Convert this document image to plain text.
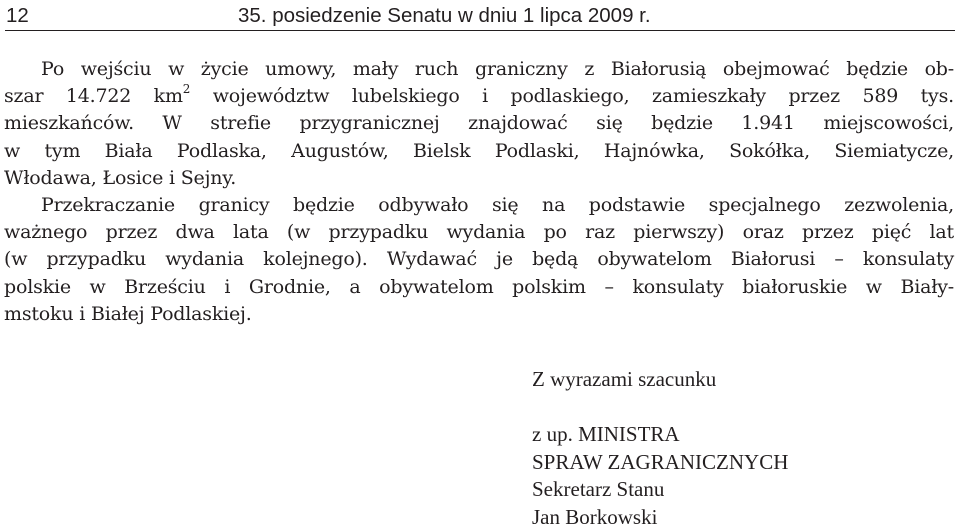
12	35. posiedzenie Senatu w dniu 1 lipca 2009 r.
Po wejściu w życie umowy, mały ruch graniczny z Białorusią obejmować będzie ob-
szar 14.722 $km^2$ województw lubelskiego i podlaskiego, zamieszkały przez 589 tys.
mieszkańców. W strefie przygranicznej znajdować się będzie 1.941 miejscowości,
w tym Biała Podlaska, Augustów, Bielsk Podlaski, Hajnówka, Sokółka, Siemiatycze,
Włodawa, Łosice i Sejny.
Przekraczanie granicy będzie odbywało się na podstawie specjalnego zezwolenia,
ważnego przez dwa lata (w przypadku wydania po raz pierwszy) oraz przez pięć lat
(w przypadku wydania kolejnego). Wydawać je będą obywatelom Białorusi – konsulaty
polskie w Brześciu i Grodnie, a obywatelom polskim – konsulaty białoruskie w Biały-
mstoku i Białej Podlaskiej.
Z wyrazami szacunku
z up. MINISTRA
SPRAW ZAGRANICZNYCH
Sekretarz Stanu
Jan Borkowski
